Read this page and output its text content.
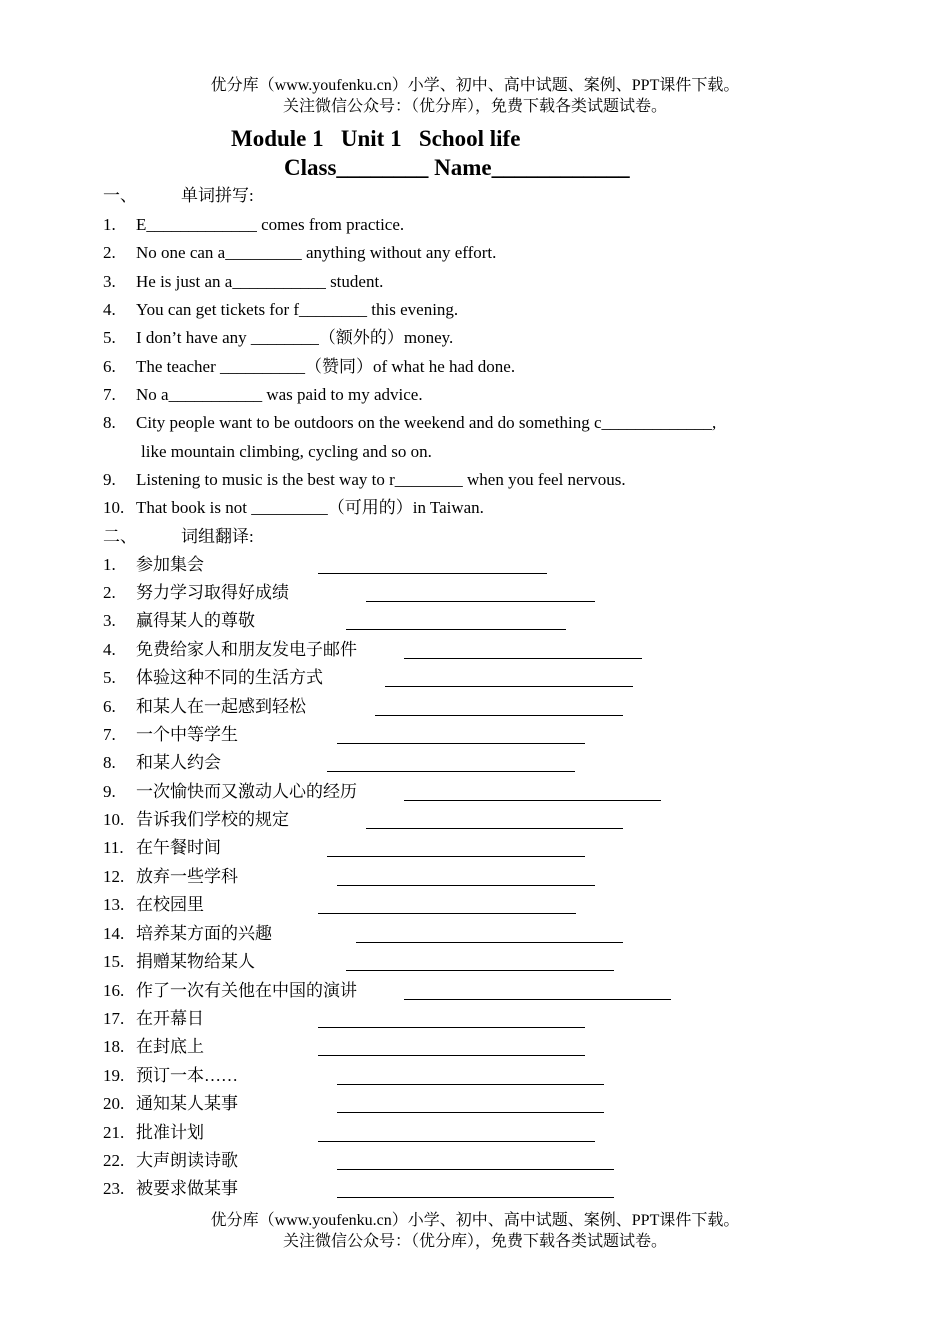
优分库（www.youfenku.cn）小学、初中、高中试题、案例、PPT课件下载。
关注微信公众号：（优分库），免费下载各类试题试卷。
Module 1   Unit 1   School life
Class________ Name____________
一、	单词拼写:
1. E_____________ comes from practice.
2. No one can a_________ anything without any effort.
3. He is just an a___________ student.
4. You can get tickets for f________ this evening.
5. I don’t have any ________（额外的）money.
6. The teacher __________（赞同）of what he had done.
7. No a___________ was paid to my advice.
8. City people want to be outdoors on the weekend and do something c_____________,
like mountain climbing, cycling and so on.
9. Listening to music is the best way to r________ when you feel nervous.
10. That book is not _________（可用的）in Taiwan.
二、	词组翻译:
1. 参加集会
2. 努力学习取得好成绩
3. 赢得某人的尊敬
4. 免费给家人和朋友发电子邮件
5. 体验这种不同的生活方式
6. 和某人在一起感到轻松
7. 一个中等学生
8. 和某人约会
9. 一次愉快而又激动人心的经历
10. 告诉我们学校的规定
11. 在午餐时间
12. 放弃一些学科
13. 在校园里
14. 培养某方面的兴趣
15. 捐赠某物给某人
16. 作了一次有关他在中国的演讲
17. 在开幕日
18. 在封底上
19. 预订一本……
20. 通知某人某事
21. 批准计划
22. 大声朗读诗歌
23. 被要求做某事
优分库（www.youfenku.cn）小学、初中、高中试题、案例、PPT课件下载。
关注微信公众号：（优分库），免费下载各类试题试卷。
